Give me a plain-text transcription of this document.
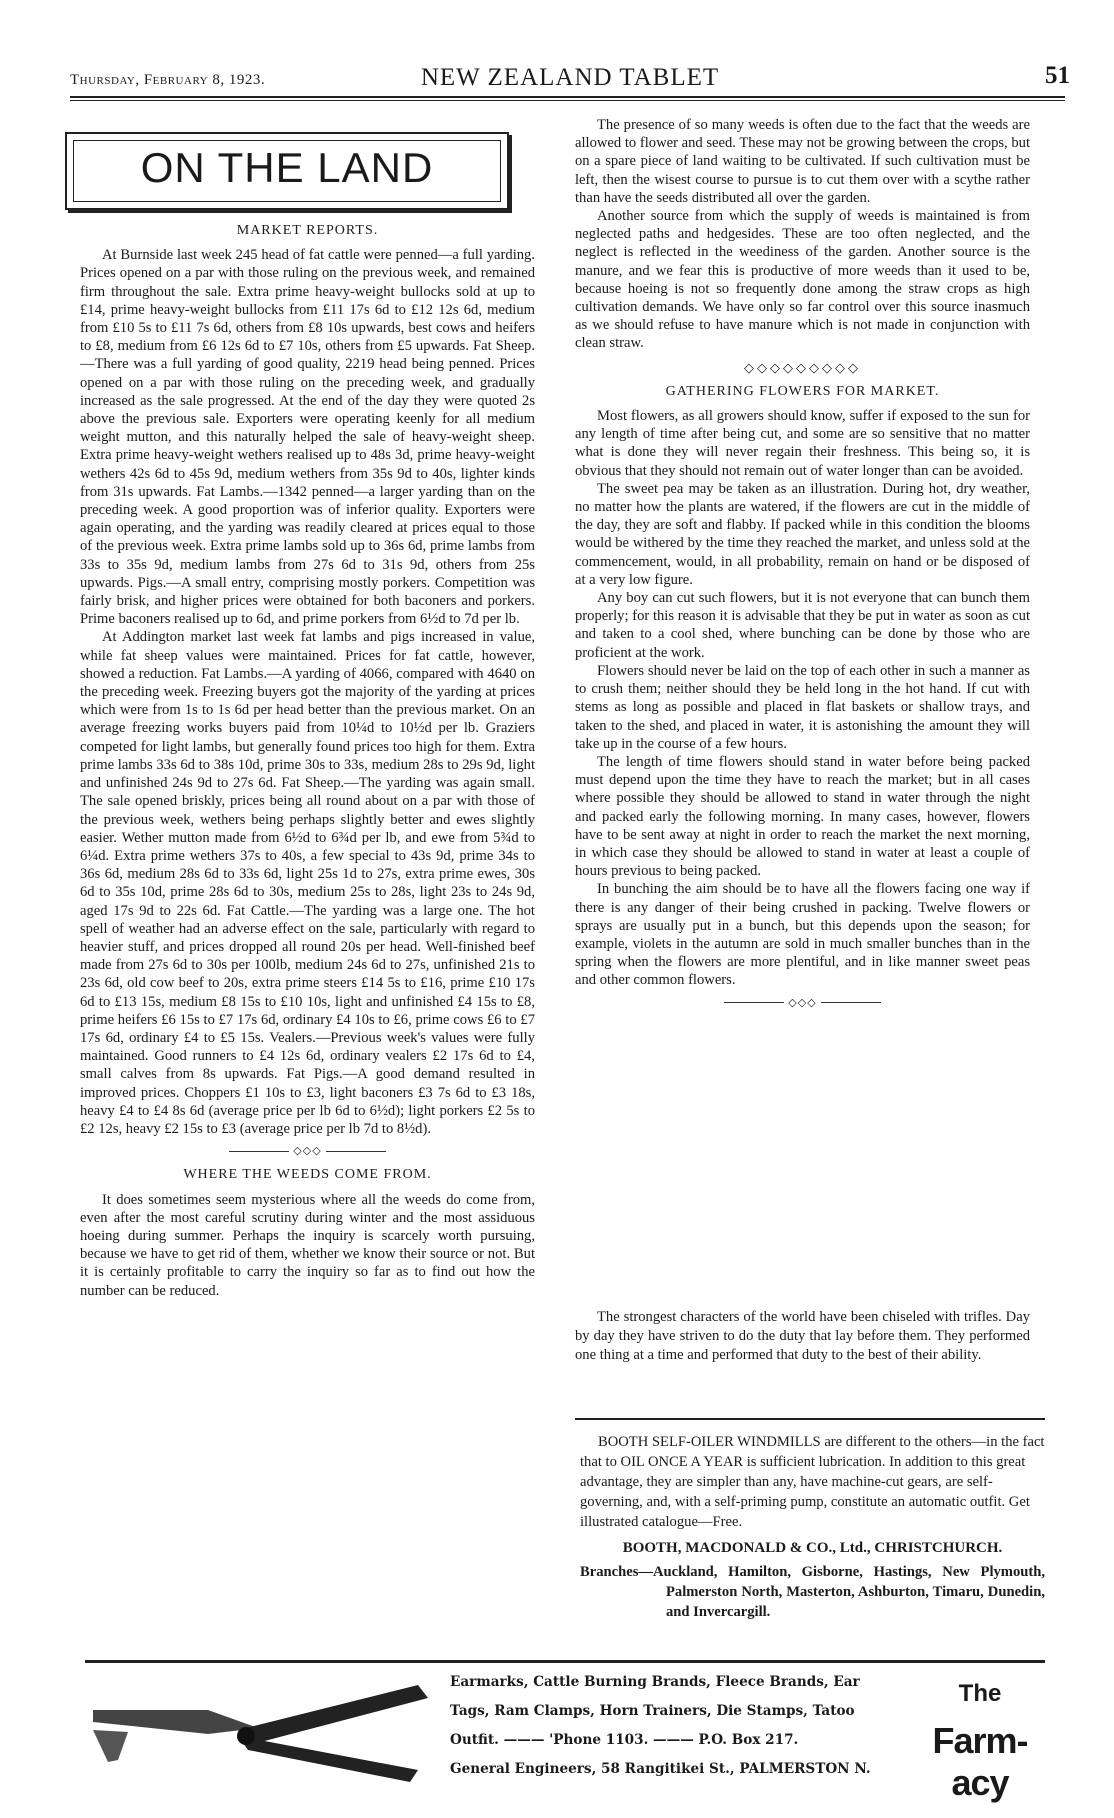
Thursday, February 8, 1923.	NEW ZEALAND TABLET	51
ON THE LAND

MARKET REPORTS.

At Burnside last week 245 head of fat cattle were penned—a full yarding. Prices opened on a par with those ruling on the previous week, and remained firm throughout the sale. Extra prime heavy-weight bullocks sold at up to £14, prime heavy-weight bullocks from £11 17s 6d to £12 12s 6d, medium from £10 5s to £11 7s 6d, others from £8 10s upwards, best cows and heifers to £8, medium from £6 12s 6d to £7 10s, others from £5 upwards. Fat Sheep.—There was a full yarding of good quality, 2219 head being penned. Prices opened on a par with those ruling on the preceding week, and gradually increased as the sale progressed. At the end of the day they were quoted 2s above the previous sale. Exporters were operating keenly for all medium weight mutton, and this naturally helped the sale of heavy-weight sheep. Extra prime heavy-weight wethers realised up to 48s 3d, prime heavy-weight wethers 42s 6d to 45s 9d, medium wethers from 35s 9d to 40s, lighter kinds from 31s upwards. Fat Lambs.—1342 penned—a larger yarding than on the preceding week. A good proportion was of inferior quality. Exporters were again operating, and the yarding was readily cleared at prices equal to those of the previous week. Extra prime lambs sold up to 36s 6d, prime lambs from 33s to 35s 9d, medium lambs from 27s 6d to 31s 9d, others from 25s upwards. Pigs.—A small entry, comprising mostly porkers. Competition was fairly brisk, and higher prices were obtained for both baconers and porkers. Prime baconers realised up to 6d, and prime porkers from 6½d to 7d per lb.

At Addington market last week fat lambs and pigs increased in value, while fat sheep values were maintained. Prices for fat cattle, however, showed a reduction. Fat Lambs.—A yarding of 4066, compared with 4640 on the preceding week. Freezing buyers got the majority of the yarding at prices which were from 1s to 1s 6d per head better than the previous market. On an average freezing works buyers paid from 10¼d to 10½d per lb. Graziers competed for light lambs, but generally found prices too high for them. Extra prime lambs 33s 6d to 38s 10d, prime 30s to 33s, medium 28s to 29s 9d, light and unfinished 24s 9d to 27s 6d. Fat Sheep.—The yarding was again small. The sale opened briskly, prices being all round about on a par with those of the previous week, wethers being perhaps slightly better and ewes slightly easier. Wether mutton made from 6½d to 6¾d per lb, and ewe from 5¾d to 6¼d. Extra prime wethers 37s to 40s, a few special to 43s 9d, prime 34s to 36s 6d, medium 28s 6d to 33s 6d, light 25s 1d to 27s, extra prime ewes, 30s 6d to 35s 10d, prime 28s 6d to 30s, medium 25s to 28s, light 23s to 24s 9d, aged 17s 9d to 22s 6d. Fat Cattle.—The yarding was a large one. The hot spell of weather had an adverse effect on the sale, particularly with regard to heavier stuff, and prices dropped all round 20s per head. Well-finished beef made from 27s 6d to 30s per 100lb, medium 24s 6d to 27s, unfinished 21s to 23s 6d, old cow beef to 20s, extra prime steers £14 5s to £16, prime £10 17s 6d to £13 15s, medium £8 15s to £10 10s, light and unfinished £4 15s to £8, prime heifers £6 15s to £7 17s 6d, ordinary £4 10s to £6, prime cows £6 to £7 17s 6d, ordinary £4 to £5 15s. Vealers.—Previous week's values were fully maintained. Good runners to £4 12s 6d, ordinary vealers £2 17s 6d to £4, small calves from 8s upwards. Fat Pigs.—A good demand resulted in improved prices. Choppers £1 10s to £3, light baconers £3 7s 6d to £3 18s, heavy £4 to £4 8s 6d (average price per lb 6d to 6½d); light porkers £2 5s to £2 12s, heavy £2 15s to £3 (average price per lb 7d to 8½d).

◇◇◇

WHERE THE WEEDS COME FROM.

It does sometimes seem mysterious where all the weeds do come from, even after the most careful scrutiny during winter and the most assiduous hoeing during summer. Perhaps the inquiry is scarcely worth pursuing, because we have to get rid of them, whether we know their source or not. But it is certainly profitable to carry the inquiry so far as to find out how the number can be reduced.

The presence of so many weeds is often due to the fact that the weeds are allowed to flower and seed. These may not be growing between the crops, but on a spare piece of land waiting to be cultivated. If such cultivation must be left, then the wisest course to pursue is to cut them over with a scythe rather than have the seeds distributed all over the garden.

Another source from which the supply of weeds is maintained is from neglected paths and hedgesides. These are too often neglected, and the neglect is reflected in the weediness of the garden. Another source is the manure, and we fear this is productive of more weeds than it used to be, because hoeing is not so frequently done among the straw crops as high cultivation demands. We have only so far control over this source inasmuch as we should refuse to have manure which is not made in conjunction with clean straw.

◇◇◇◇◇◇◇◇◇

GATHERING FLOWERS FOR MARKET.

Most flowers, as all growers should know, suffer if exposed to the sun for any length of time after being cut, and some are so sensitive that no matter what is done they will never regain their freshness. This being so, it is obvious that they should not remain out of water longer than can be avoided.

The sweet pea may be taken as an illustration. During hot, dry weather, no matter how the plants are watered, if the flowers are cut in the middle of the day, they are soft and flabby. If packed while in this condition the blooms would be withered by the time they reached the market, and unless sold at the commencement, would, in all probability, remain on hand or be disposed of at a very low figure.

Any boy can cut such flowers, but it is not everyone that can bunch them properly; for this reason it is advisable that they be put in water as soon as cut and taken to a cool shed, where bunching can be done by those who are proficient at the work.

Flowers should never be laid on the top of each other in such a manner as to crush them; neither should they be held long in the hot hand. If cut with stems as long as possible and placed in flat baskets or shallow trays, and taken to the shed, and placed in water, it is astonishing the amount they will take up in the course of a few hours.

The length of time flowers should stand in water before being packed must depend upon the time they have to reach the market; but in all cases where possible they should be allowed to stand in water through the night and packed early the following morning. In many cases, however, flowers have to be sent away at night in order to reach the market the next morning, in which case they should be allowed to stand in water at least a couple of hours previous to being packed.

In bunching the aim should be to have all the flowers facing one way if there is any danger of their being crushed in packing. Twelve flowers or sprays are usually put in a bunch, but this depends upon the season; for example, violets in the autumn are sold in much smaller bunches than in the spring when the flowers are more plentiful, and in like manner sweet peas and other common flowers.

◇◇◇

The strongest characters of the world have been chiseled with trifles. Day by day they have striven to do the duty that lay before them. They performed one thing at a time and performed that duty to the best of their ability.

BOOTH SELF-OILER WINDMILLS are different to the others—in the fact that to OIL ONCE A YEAR is sufficient lubrication. In addition to this great advantage, they are simpler than any, have machine-cut gears, are self-governing, and, with a self-priming pump, constitute an automatic outfit. Get illustrated catalogue—Free.

BOOTH, MACDONALD & CO., Ltd., CHRISTCHURCH.

Branches—Auckland, Hamilton, Gisborne, Hastings, New Plymouth, Palmerston North, Masterton, Ashburton, Timaru, Dunedin, and Invercargill.

Earmarks, Cattle Burning Brands, Fleece Brands, Ear

Tags, Ram Clamps, Horn Trainers, Die Stamps, Tatoo

Outfit. ——— 'Phone 1103. ——— P.O. Box 217.

General Engineers, 58 Rangitikei St., PALMERSTON N.

The
Farm-acy
